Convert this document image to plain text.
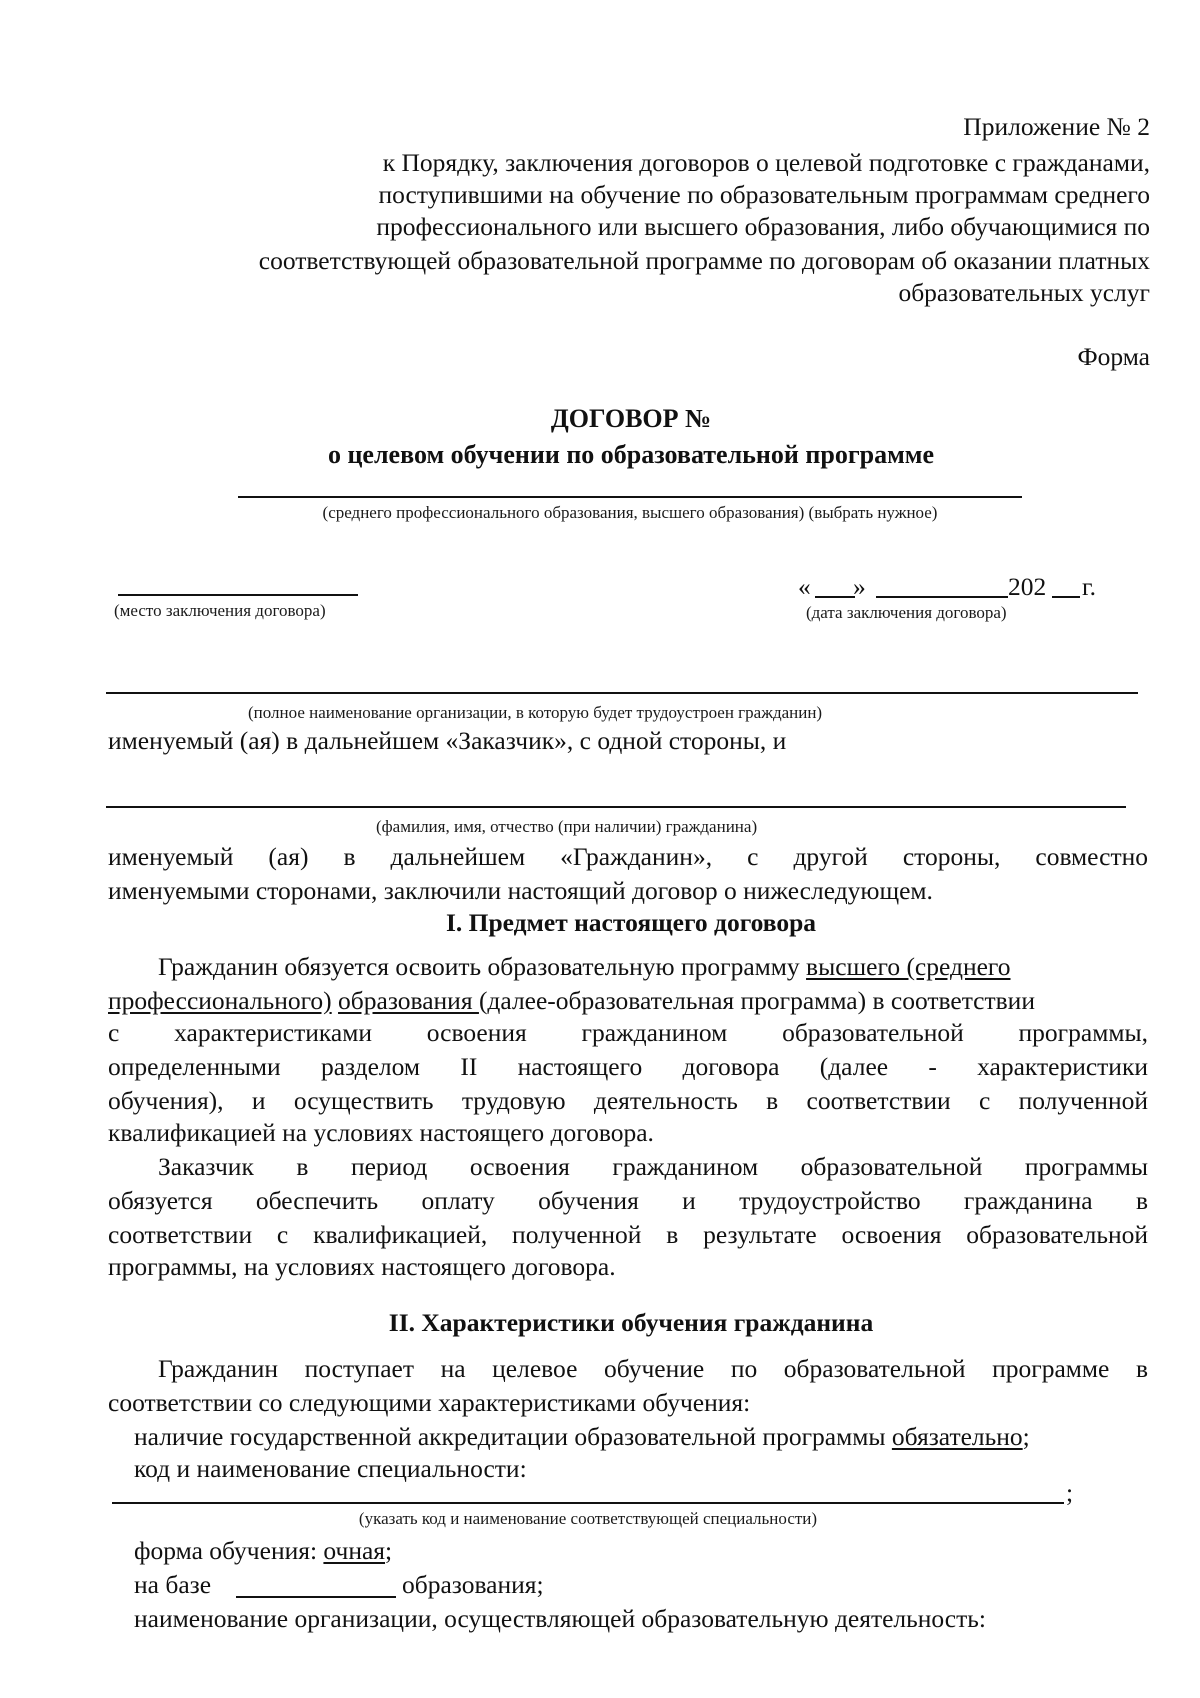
Приложение № 2
к Порядку, заключения договоров о целевой подготовке с гражданами,
поступившими на обучение по образовательным программам среднего
профессионального или высшего образования, либо обучающимися по
соответствующей образовательной программе по договорам об оказании платных
образовательных услуг
Форма
ДОГОВОР №
о целевом обучении по образовательной программе
(среднего профессионального образования, высшего образования) (выбрать нужное)
(место заключения договора)
« »	202 г.
(дата заключения договора)
(полное наименование организации, в которую будет трудоустроен гражданин)
именуемый (ая) в дальнейшем «Заказчик», с одной стороны, и
(фамилия, имя, отчество (при наличии) гражданина)
именуемый (ая) в дальнейшем «Гражданин», с другой стороны, совместно
именуемыми сторонами, заключили настоящий договор о нижеследующем.
I. Предмет настоящего договора
Гражданин обязуется освоить образовательную программу высшего (среднего
профессионального) образования (далее-образовательная программа) в соответствии
с характеристиками освоения гражданином образовательной программы,
определенными разделом II настоящего договора (далее - характеристики
обучения), и осуществить трудовую деятельность в соответствии с полученной
квалификацией на условиях настоящего договора.
Заказчик в период освоения гражданином образовательной программы
обязуется обеспечить оплату обучения и трудоустройство гражданина в
соответствии с квалификацией, полученной в результате освоения образовательной
программы, на условиях настоящего договора.
II. Характеристики обучения гражданина
Гражданин поступает на целевое обучение по образовательной программе в
соответствии со следующими характеристиками обучения:
наличие государственной аккредитации образовательной программы обязательно;
код и наименование специальности:
;
(указать код и наименование соответствующей специальности)
форма обучения: очная;
на базе	образования;
наименование организации, осуществляющей образовательную деятельность:
